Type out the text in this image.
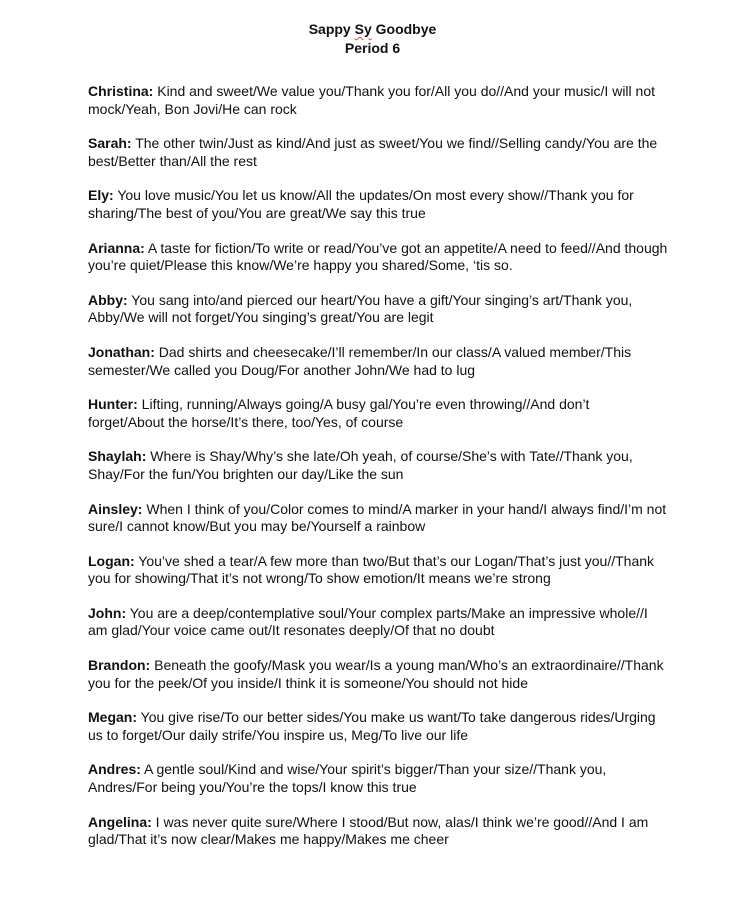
Sappy Sy Goodbye
Period 6

Christina: Kind and sweet/We value you/Thank you for/All you do//And your music/I will not mock/Yeah, Bon Jovi/He can rock

Sarah: The other twin/Just as kind/And just as sweet/You we find//Selling candy/You are the best/Better than/All the rest

Ely: You love music/You let us know/All the updates/On most every show//Thank you for sharing/The best of you/You are great/We say this true

Arianna: A taste for fiction/To write or read/You’ve got an appetite/A need to feed//And though you’re quiet/Please this know/We’re happy you shared/Some, ‘tis so.

Abby: You sang into/and pierced our heart/You have a gift/Your singing’s art/Thank you, Abby/We will not forget/You singing’s great/You are legit

Jonathan: Dad shirts and cheesecake/I’ll remember/In our class/A valued member/This semester/We called you Doug/For another John/We had to lug

Hunter: Lifting, running/Always going/A busy gal/You’re even throwing//And don’t forget/About the horse/It’s there, too/Yes, of course

Shaylah: Where is Shay/Why’s she late/Oh yeah, of course/She’s with Tate//Thank you, Shay/For the fun/You brighten our day/Like the sun

Ainsley: When I think of you/Color comes to mind/A marker in your hand/I always find/I’m not sure/I cannot know/But you may be/Yourself a rainbow

Logan: You’ve shed a tear/A few more than two/But that’s our Logan/That’s just you//Thank you for showing/That it’s not wrong/To show emotion/It means we’re strong

John: You are a deep/contemplative soul/Your complex parts/Make an impressive whole//I am glad/Your voice came out/It resonates deeply/Of that no doubt

Brandon: Beneath the goofy/Mask you wear/Is a young man/Who’s an extraordinaire//Thank you for the peek/Of you inside/I think it is someone/You should not hide

Megan: You give rise/To our better sides/You make us want/To take dangerous rides/Urging us to forget/Our daily strife/You inspire us, Meg/To live our life

Andres: A gentle soul/Kind and wise/Your spirit’s bigger/Than your size//Thank you, Andres/For being you/You’re the tops/I know this true

Angelina: I was never quite sure/Where I stood/But now, alas/I think we’re good//And I am glad/That it’s now clear/Makes me happy/Makes me cheer
